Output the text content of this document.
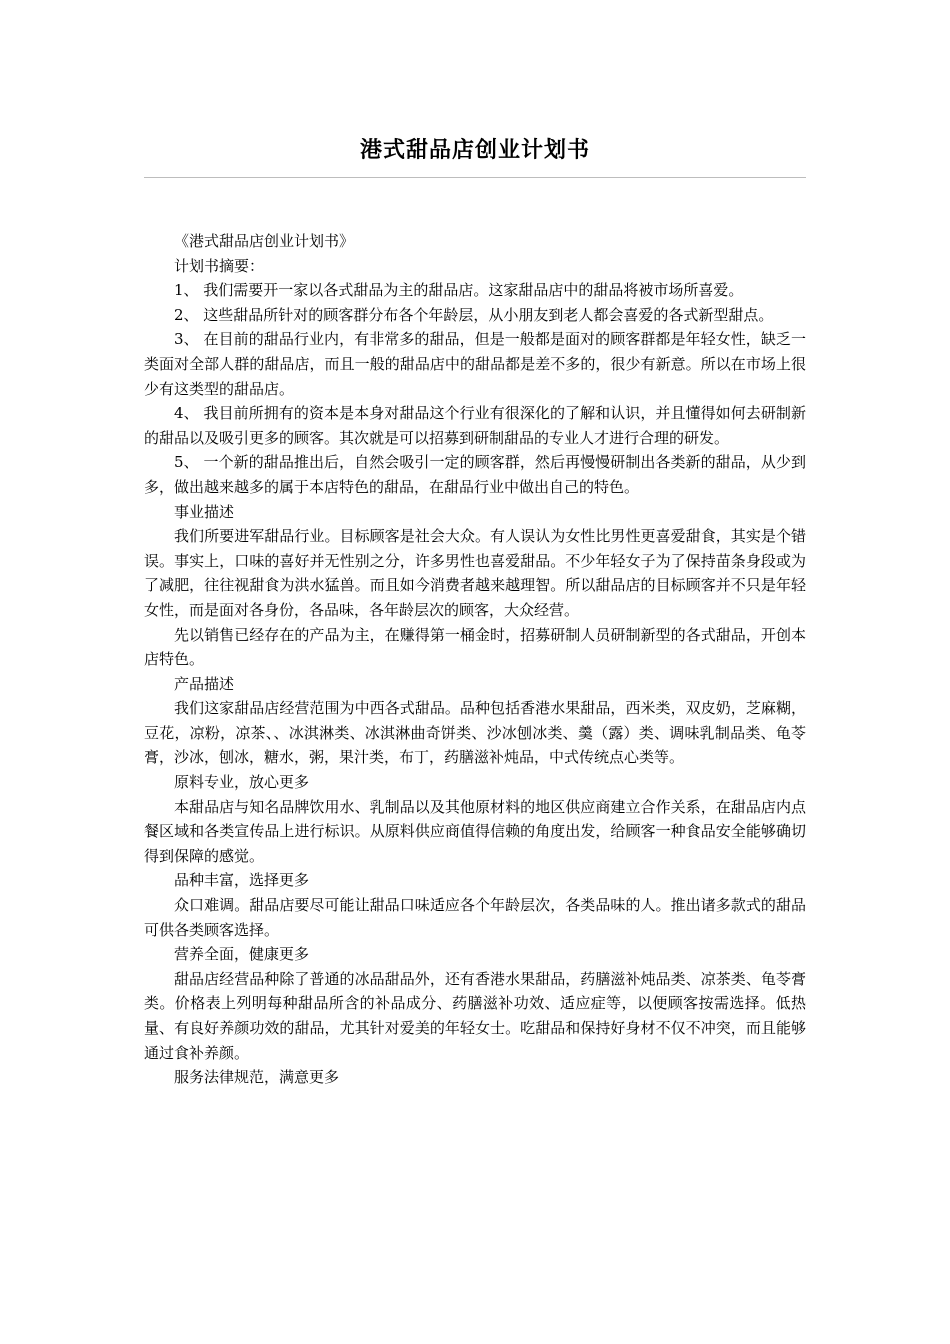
港式甜品店创业计划书

《港式甜品店创业计划书》

计划书摘要：

1、 我们需要开一家以各式甜品为主的甜品店。这家甜品店中的甜品将被市场所喜爱。

2、 这些甜品所针对的顾客群分布各个年龄层，从小朋友到老人都会喜爱的各式新型甜点。

3、 在目前的甜品行业内，有非常多的甜品，但是一般都是面对的顾客群都是年轻女性，缺乏一类面对全部人群的甜品店，而且一般的甜品店中的甜品都是差不多的，很少有新意。所以在市场上很少有这类型的甜品店。

4、 我目前所拥有的资本是本身对甜品这个行业有很深化的了解和认识，并且懂得如何去研制新的甜品以及吸引更多的顾客。其次就是可以招募到研制甜品的专业人才进行合理的研发。

5、 一个新的甜品推出后，自然会吸引一定的顾客群，然后再慢慢研制出各类新的甜品，从少到多，做出越来越多的属于本店特色的甜品，在甜品行业中做出自己的特色。

事业描述

我们所要进军甜品行业。目标顾客是社会大众。有人误认为女性比男性更喜爱甜食，其实是个错误。事实上，口味的喜好并无性别之分，许多男性也喜爱甜品。不少年轻女子为了保持苗条身段或为了减肥，往往视甜食为洪水猛兽。而且如今消费者越来越理智。所以甜品店的目标顾客并不只是年轻女性，而是面对各身份，各品味，各年龄层次的顾客，大众经营。

先以销售已经存在的产品为主，在赚得第一桶金时，招募研制人员研制新型的各式甜品，开创本店特色。

产品描述

我们这家甜品店经营范围为中西各式甜品。品种包括香港水果甜品，西米类，双皮奶，芝麻糊，豆花，凉粉，凉茶、、冰淇淋类、冰淇淋曲奇饼类、沙冰刨冰类、羹（露）类、调味乳制品类、龟苓膏，沙冰，刨冰，糖水，粥，果汁类，布丁，药膳滋补炖品，中式传统点心类等。

原料专业，放心更多

本甜品店与知名品牌饮用水、乳制品以及其他原材料的地区供应商建立合作关系，在甜品店内点餐区域和各类宣传品上进行标识。从原料供应商值得信赖的角度出发，给顾客一种食品安全能够确切得到保障的感觉。

品种丰富，选择更多

众口难调。甜品店要尽可能让甜品口味适应各个年龄层次，各类品味的人。推出诸多款式的甜品可供各类顾客选择。

营养全面，健康更多

甜品店经营品种除了普通的冰品甜品外，还有香港水果甜品，药膳滋补炖品类、凉茶类、龟苓膏类。价格表上列明每种甜品所含的补品成分、药膳滋补功效、适应症等，以便顾客按需选择。低热量、有良好养颜功效的甜品，尤其针对爱美的年轻女士。吃甜品和保持好身材不仅不冲突，而且能够通过食补养颜。

服务法律规范，满意更多
